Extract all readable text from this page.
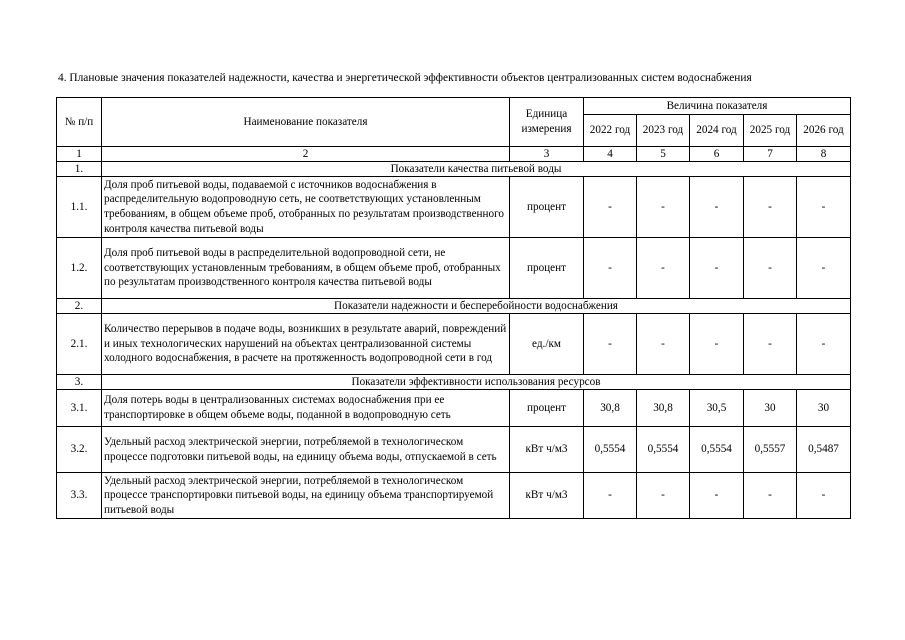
4. Плановые значения показателей надежности, качества и энергетической эффективности объектов централизованных систем водоснабжения
№ п/п	Наименование показателя	Единица измерения	Величина показателя				
			2022 год	2023 год	2024 год	2025 год	2026 год
1	2	3	4	5	6	7	8
1.	Показатели качества питьевой воды						
1.1.	Доля проб питьевой воды, подаваемой с источников водоснабжения в распределительную водопроводную сеть, не соответствующих установленным требованиям, в общем объеме проб, отобранных по результатам производственного контроля качества питьевой воды	процент	-	-	-	-	-
1.2.	Доля проб питьевой воды в распределительной водопроводной сети, не соответствующих установленным требованиям, в общем объеме проб, отобранных по результатам производственного контроля качества питьевой воды	процент	-	-	-	-	-
2.	Показатели надежности и бесперебойности водоснабжения						
2.1.	Количество перерывов в подаче воды, возникших в результате аварий, повреждений и иных технологических нарушений на объектах централизованной системы холодного водоснабжения, в расчете на протяженность водопроводной сети в год	ед./км	-	-	-	-	-
3.	Показатели эффективности использования ресурсов						
3.1.	Доля потерь воды в централизованных системах водоснабжения при ее транспортировке в общем объеме воды, поданной в водопроводную сеть	процент	30,8	30,8	30,5	30	30
3.2.	Удельный расход электрической энергии, потребляемой в технологическом процессе подготовки питьевой воды, на единицу объема воды, отпускаемой в сеть	кВт ч/м3	0,5554	0,5554	0,5554	0,5557	0,5487
3.3.	Удельный расход электрической энергии, потребляемой в технологическом процессе транспортировки питьевой воды, на единицу объема транспортируемой питьевой воды	кВт ч/м3	-	-	-	-	-
